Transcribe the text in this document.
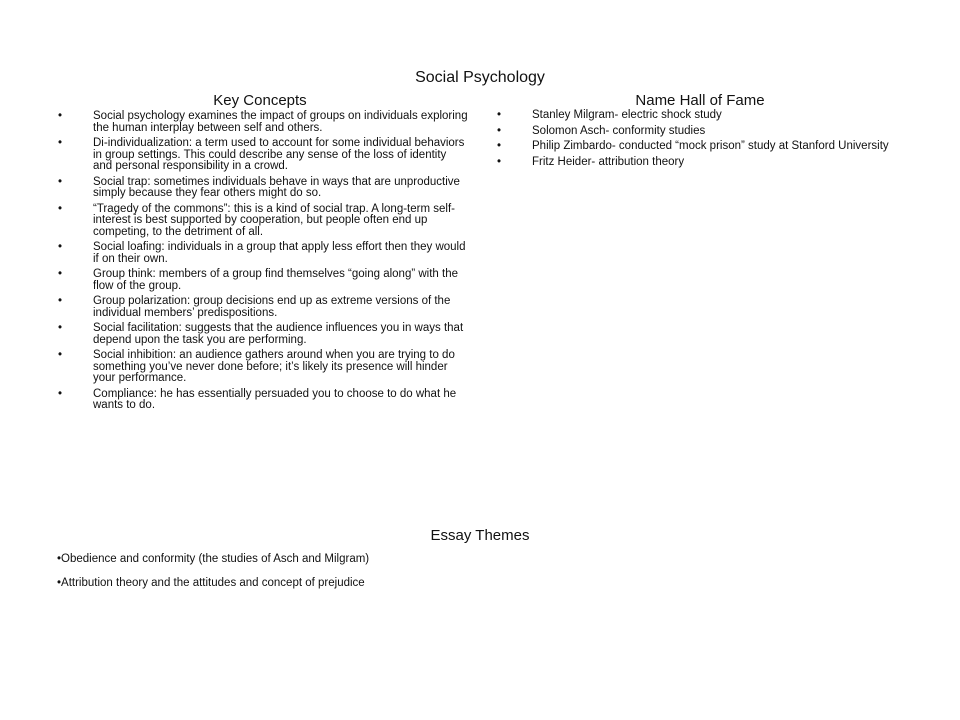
Social Psychology
Key Concepts	Name Hall of Fame
•	Social psychology examines the impact of groups on individuals exploring the human interplay between self and others.
•	Di-individualization: a term used to account for some individual behaviors in group settings. This could describe any sense of the loss of identity and personal responsibility in a crowd.
•	Social trap: sometimes individuals behave in ways that are unproductive simply because they fear others might do so.
•	“Tragedy of the commons”: this is a kind of social trap. A long-term self-interest is best supported by cooperation, but people often end up competing, to the detriment of all.
•	Social loafing: individuals in a group that apply less effort then they would if on their own.
•	Group think: members of a group find themselves “going along” with the flow of the group.
•	Group polarization: group decisions end up as extreme versions of the individual members’ predispositions.
•	Social facilitation: suggests that the audience influences you in ways that depend upon the task you are performing.
•	Social inhibition: an audience gathers around when you are trying to do something you’ve never done before; it’s likely its presence will hinder your performance.
•	Compliance: he has essentially persuaded you to choose to do what he wants to do.
•	Stanley Milgram- electric shock study
•	Solomon Asch- conformity studies
•	Philip Zimbardo- conducted “mock prison” study at Stanford University
•	Fritz Heider- attribution theory
Essay Themes
•Obedience and conformity (the studies of Asch and Milgram)
•Attribution theory and the attitudes and concept of prejudice
